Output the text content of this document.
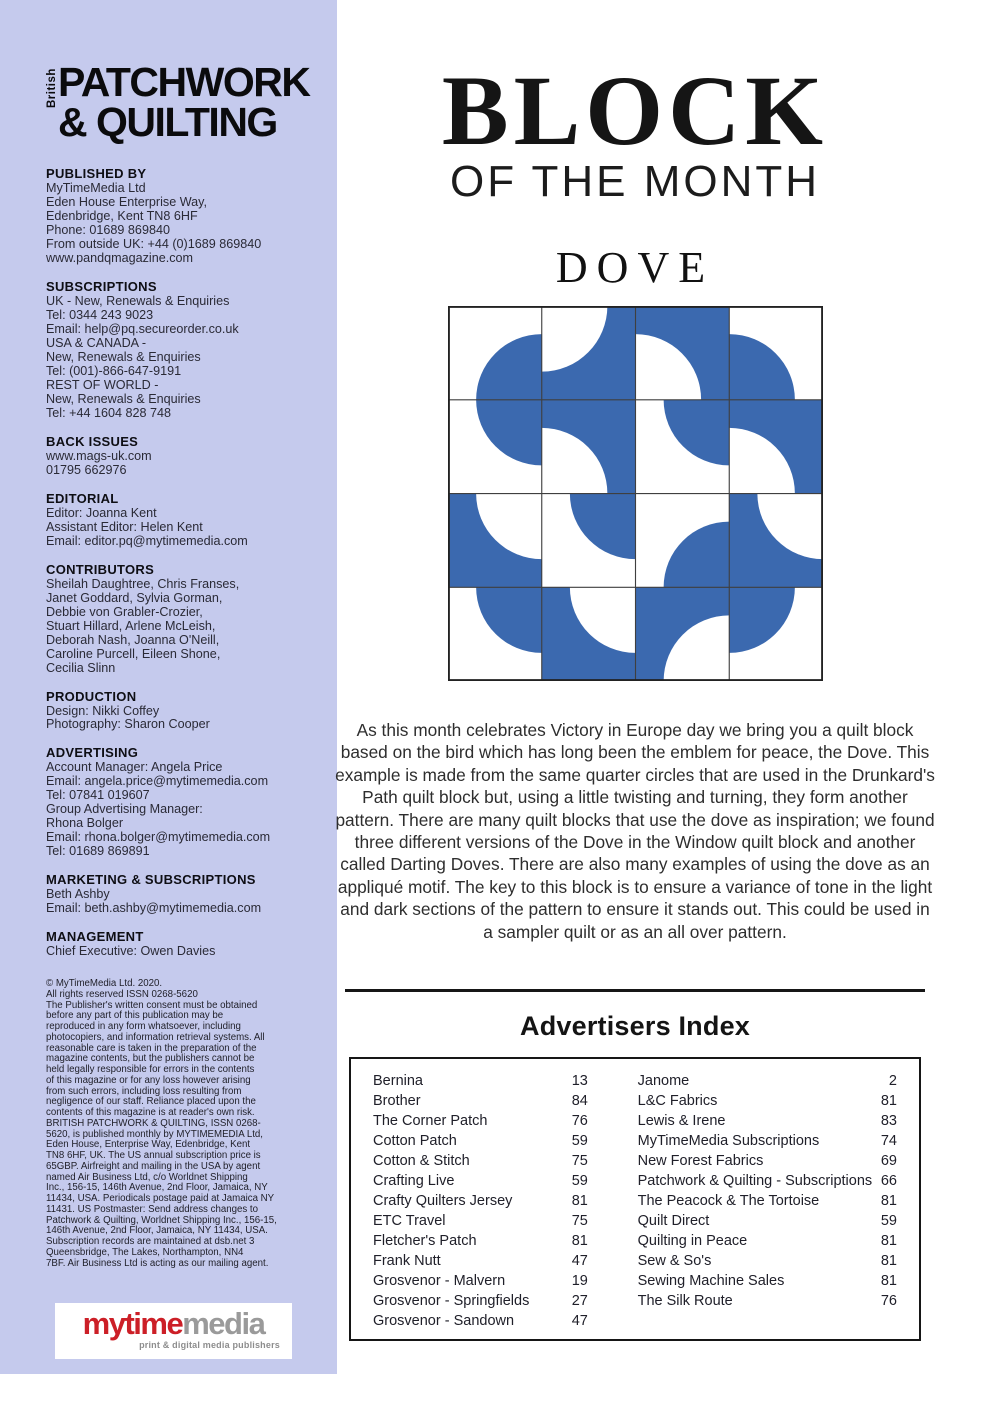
British PATCHWORK
& QUILTING
PUBLISHED BY
MyTimeMedia Ltd
Eden House Enterprise Way,
Edenbridge, Kent TN8 6HF
Phone: 01689 869840
From outside UK: +44 (0)1689 869840
www.pandqmagazine.com
SUBSCRIPTIONS
UK - New, Renewals & Enquiries
Tel: 0344 243 9023
Email: help@pq.secureorder.co.uk
USA & CANADA -
New, Renewals & Enquiries
Tel: (001)-866-647-9191
REST OF WORLD -
New, Renewals & Enquiries
Tel: +44 1604 828 748
BACK ISSUES
www.mags-uk.com
01795 662976
EDITORIAL
Editor: Joanna Kent
Assistant Editor: Helen Kent
Email: editor.pq@mytimemedia.com
CONTRIBUTORS
Sheilah Daughtree, Chris Franses,
Janet Goddard, Sylvia Gorman,
Debbie von Grabler-Crozier,
Stuart Hillard, Arlene McLeish,
Deborah Nash, Joanna O'Neill,
Caroline Purcell, Eileen Shone,
Cecilia Slinn
PRODUCTION
Design: Nikki Coffey
Photography: Sharon Cooper
ADVERTISING
Account Manager: Angela Price
Email: angela.price@mytimemedia.com
Tel: 07841 019607
Group Advertising Manager:
Rhona Bolger
Email: rhona.bolger@mytimemedia.com
Tel: 01689 869891
MARKETING & SUBSCRIPTIONS
Beth Ashby
Email: beth.ashby@mytimemedia.com
MANAGEMENT
Chief Executive: Owen Davies
© MyTimeMedia Ltd. 2020.
All rights reserved ISSN 0268-5620
The Publisher's written consent must be obtained
before any part of this publication may be
reproduced in any form whatsoever, including
photocopiers, and information retrieval systems. All
reasonable care is taken in the preparation of the
magazine contents, but the publishers cannot be
held legally responsible for errors in the contents
of this magazine or for any loss however arising
from such errors, including loss resulting from
negligence of our staff. Reliance placed upon the
contents of this magazine is at reader's own risk.
BRITISH PATCHWORK & QUILTING, ISSN 0268-
5620, is published monthly by MYTIMEMEDIA Ltd,
Eden House, Enterprise Way, Edenbridge, Kent
TN8 6HF, UK. The US annual subscription price is
65GBP. Airfreight and mailing in the USA by agent
named Air Business Ltd, c/o Worldnet Shipping
Inc., 156-15, 146th Avenue, 2nd Floor, Jamaica, NY
11434, USA. Periodicals postage paid at Jamaica NY
11431. US Postmaster: Send address changes to
Patchwork & Quilting, Worldnet Shipping Inc., 156-15,
146th Avenue, 2nd Floor, Jamaica, NY 11434, USA.
Subscription records are maintained at dsb.net 3
Queensbridge, The Lakes, Northampton, NN4
7BF. Air Business Ltd is acting as our mailing agent.
mytimemedia
print & digital media publishers
BLOCK
OF THE MONTH
DOVE

As this month celebrates Victory in Europe day we bring you a quilt block based on the bird which has long been the emblem for peace, the Dove. This example is made from the same quarter circles that are used in the Drunkard's Path quilt block but, using a little twisting and turning, they form another pattern. There are many quilt blocks that use the dove as inspiration; we found three different versions of the Dove in the Window quilt block and another called Darting Doves. There are also many examples of using the dove as an appliqué motif. The key to this block is to ensure a variance of tone in the light and dark sections of the pattern to ensure it stands out. This could be used in a sampler quilt or as an all over pattern.

Advertisers Index
Bernina	13
Brother	84
The Corner Patch	76
Cotton Patch	59
Cotton & Stitch	75
Crafting Live	59
Crafty Quilters Jersey	81
ETC Travel	75
Fletcher's Patch	81
Frank Nutt	47
Grosvenor - Malvern	19
Grosvenor - Springfields	27
Grosvenor - Sandown	47
Janome	2
L&C Fabrics	81
Lewis & Irene	83
MyTimeMedia Subscriptions	74
New Forest Fabrics	69
Patchwork & Quilting - Subscriptions 66
The Peacock & The Tortoise	81
Quilt Direct	59
Quilting in Peace	81
Sew & So's	81
Sewing Machine Sales	81
The Silk Route	76
